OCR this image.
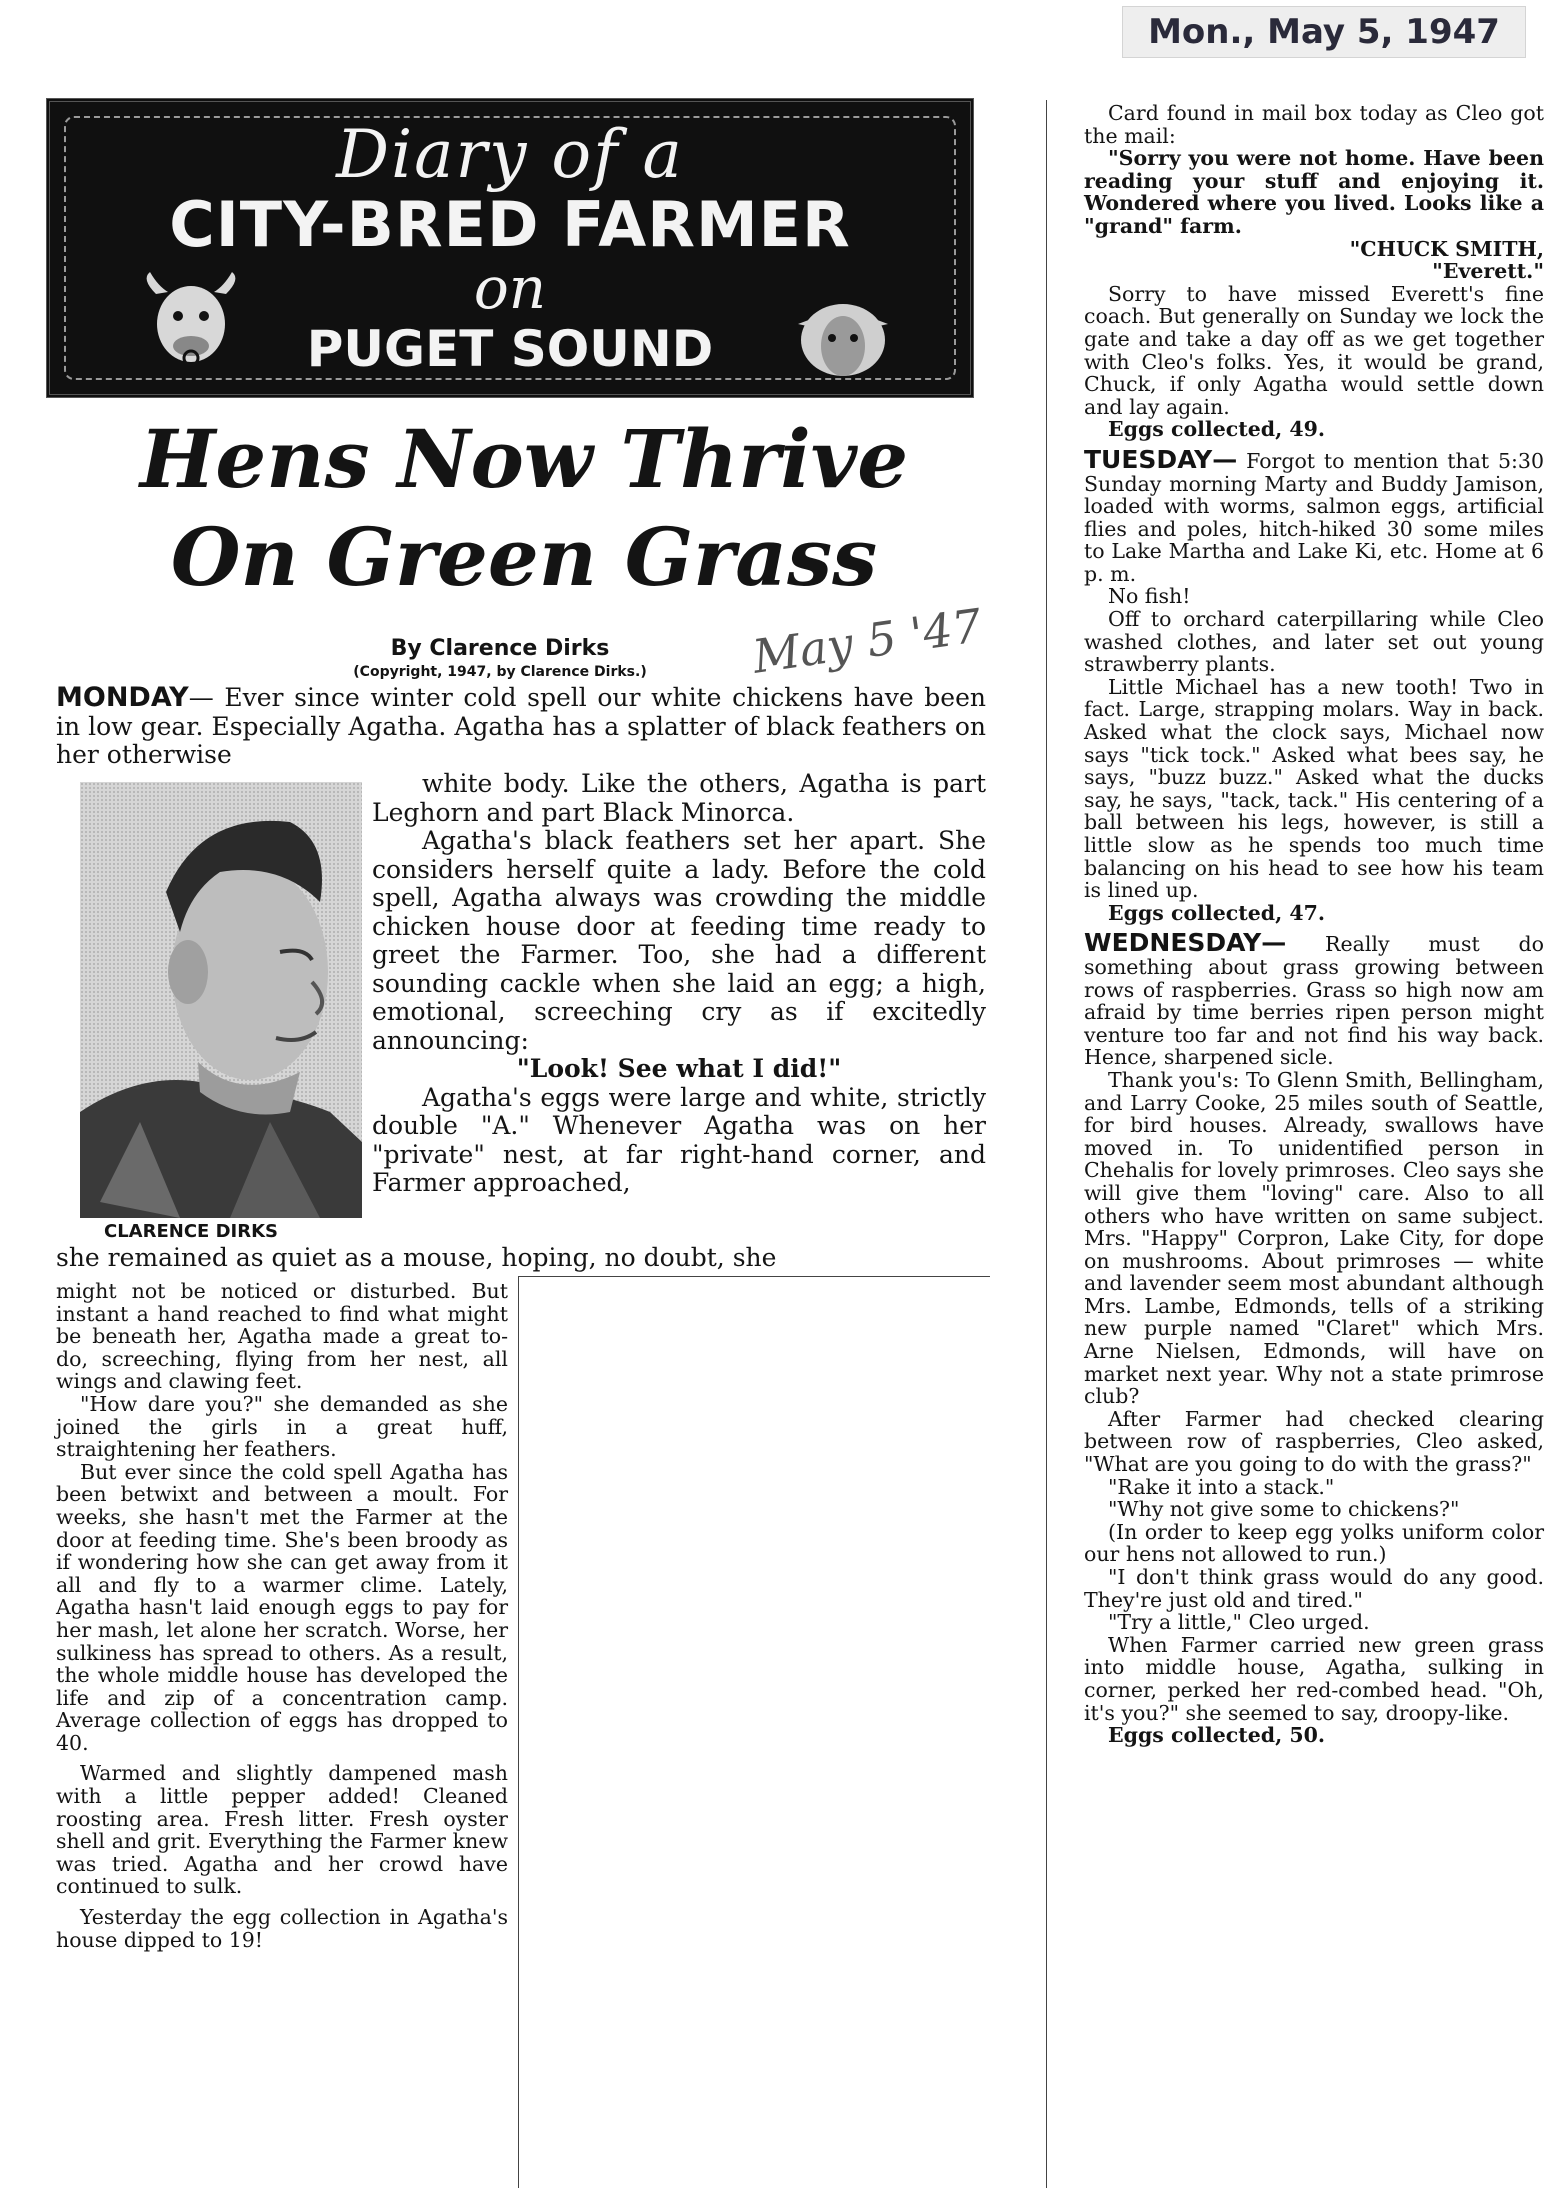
Mon., May 5, 1947
Diary of a
CITY-BRED FARMER
on
PUGET SOUND
Hens Now Thrive
On Green Grass
By Clarence Dirks
(Copyright, 1947, by Clarence Dirks.)	May 5 '47
MONDAY— Ever since winter cold spell our white chickens have been in low gear. Especially Agatha. Agatha has a splatter of black feathers on her otherwise
CLARENCE DIRKS

white body. Like the others, Agatha is part Leghorn and part Black Minorca.

Agatha's black feathers set her apart. She considers herself quite a lady. Before the cold spell, Agatha always was crowding the middle chicken house door at feeding time ready to greet the Farmer. Too, she had a different sounding cackle when she laid an egg; a high, emotional, screeching cry as if excitedly announcing:

"Look! See what I did!"

Agatha's eggs were large and white, strictly double "A." Whenever Agatha was on her "private" nest, at far right-hand corner, and Farmer approached,

she remained as quiet as a mouse, hoping, no doubt, she

might not be noticed or disturbed. But instant a hand reached to find what might be beneath her, Agatha made a great to-do, screeching, flying from her nest, all wings and clawing feet.

"How dare you?" she demanded as she joined the girls in a great huff, straightening her feathers.

But ever since the cold spell Agatha has been betwixt and between a moult. For weeks, she hasn't met the Farmer at the door at feeding time. She's been broody as if wondering how she can get away from it all and fly to a warmer clime. Lately, Agatha hasn't laid enough eggs to pay for her mash, let alone her scratch. Worse, her sulkiness has spread to others. As a result, the whole middle house has developed the life and zip of a concentration camp. Average collection of eggs has dropped to 40.

Warmed and slightly dampened mash with a little pepper added! Cleaned roosting area. Fresh litter. Fresh oyster shell and grit. Everything the Farmer knew was tried. Agatha and her crowd have continued to sulk.

Yesterday the egg collection in Agatha's house dipped to 19!

Card found in mail box today as Cleo got the mail:

"Sorry you were not home. Have been reading your stuff and enjoying it. Wondered where you lived. Looks like a "grand" farm.

"CHUCK SMITH,

"Everett."

Sorry to have missed Everett's fine coach. But generally on Sunday we lock the gate and take a day off as we get together with Cleo's folks. Yes, it would be grand, Chuck, if only Agatha would settle down and lay again.

Eggs collected, 49.

TUESDAY— Forgot to mention that 5:30 Sunday morning Marty and Buddy Jamison, loaded with worms, salmon eggs, artificial flies and poles, hitch-hiked 30 some miles to Lake Martha and Lake Ki, etc. Home at 6 p. m.

No fish!

Off to orchard caterpillaring while Cleo washed clothes, and later set out young strawberry plants.

Little Michael has a new tooth! Two in fact. Large, strapping molars. Way in back. Asked what the clock says, Michael now says "tick tock." Asked what bees say, he says, "buzz buzz." Asked what the ducks say, he says, "tack, tack." His centering of a ball between his legs, however, is still a little slow as he spends too much time balancing on his head to see how his team is lined up.

Eggs collected, 47.

WEDNESDAY— Really must do something about grass growing between rows of raspberries. Grass so high now am afraid by time berries ripen person might venture too far and not find his way back. Hence, sharpened sicle.

Thank you's: To Glenn Smith, Bellingham, and Larry Cooke, 25 miles south of Seattle, for bird houses. Already, swallows have moved in. To unidentified person in Chehalis for lovely primroses. Cleo says she will give them "loving" care. Also to all others who have written on same subject. Mrs. "Happy" Corpron, Lake City, for dope on mushrooms. About primroses — white and lavender seem most abundant although Mrs. Lambe, Edmonds, tells of a striking new purple named "Claret" which Mrs. Arne Nielsen, Edmonds, will have on market next year. Why not a state primrose club?

After Farmer had checked clearing between row of raspberries, Cleo asked, "What are you going to do with the grass?"

"Rake it into a stack."

"Why not give some to chickens?"

(In order to keep egg yolks uniform color our hens not allowed to run.)

"I don't think grass would do any good. They're just old and tired."

"Try a little," Cleo urged.

When Farmer carried new green grass into middle house, Agatha, sulking in corner, perked her red-combed head. "Oh, it's you?" she seemed to say, droopy-like.

Eggs collected, 50.
